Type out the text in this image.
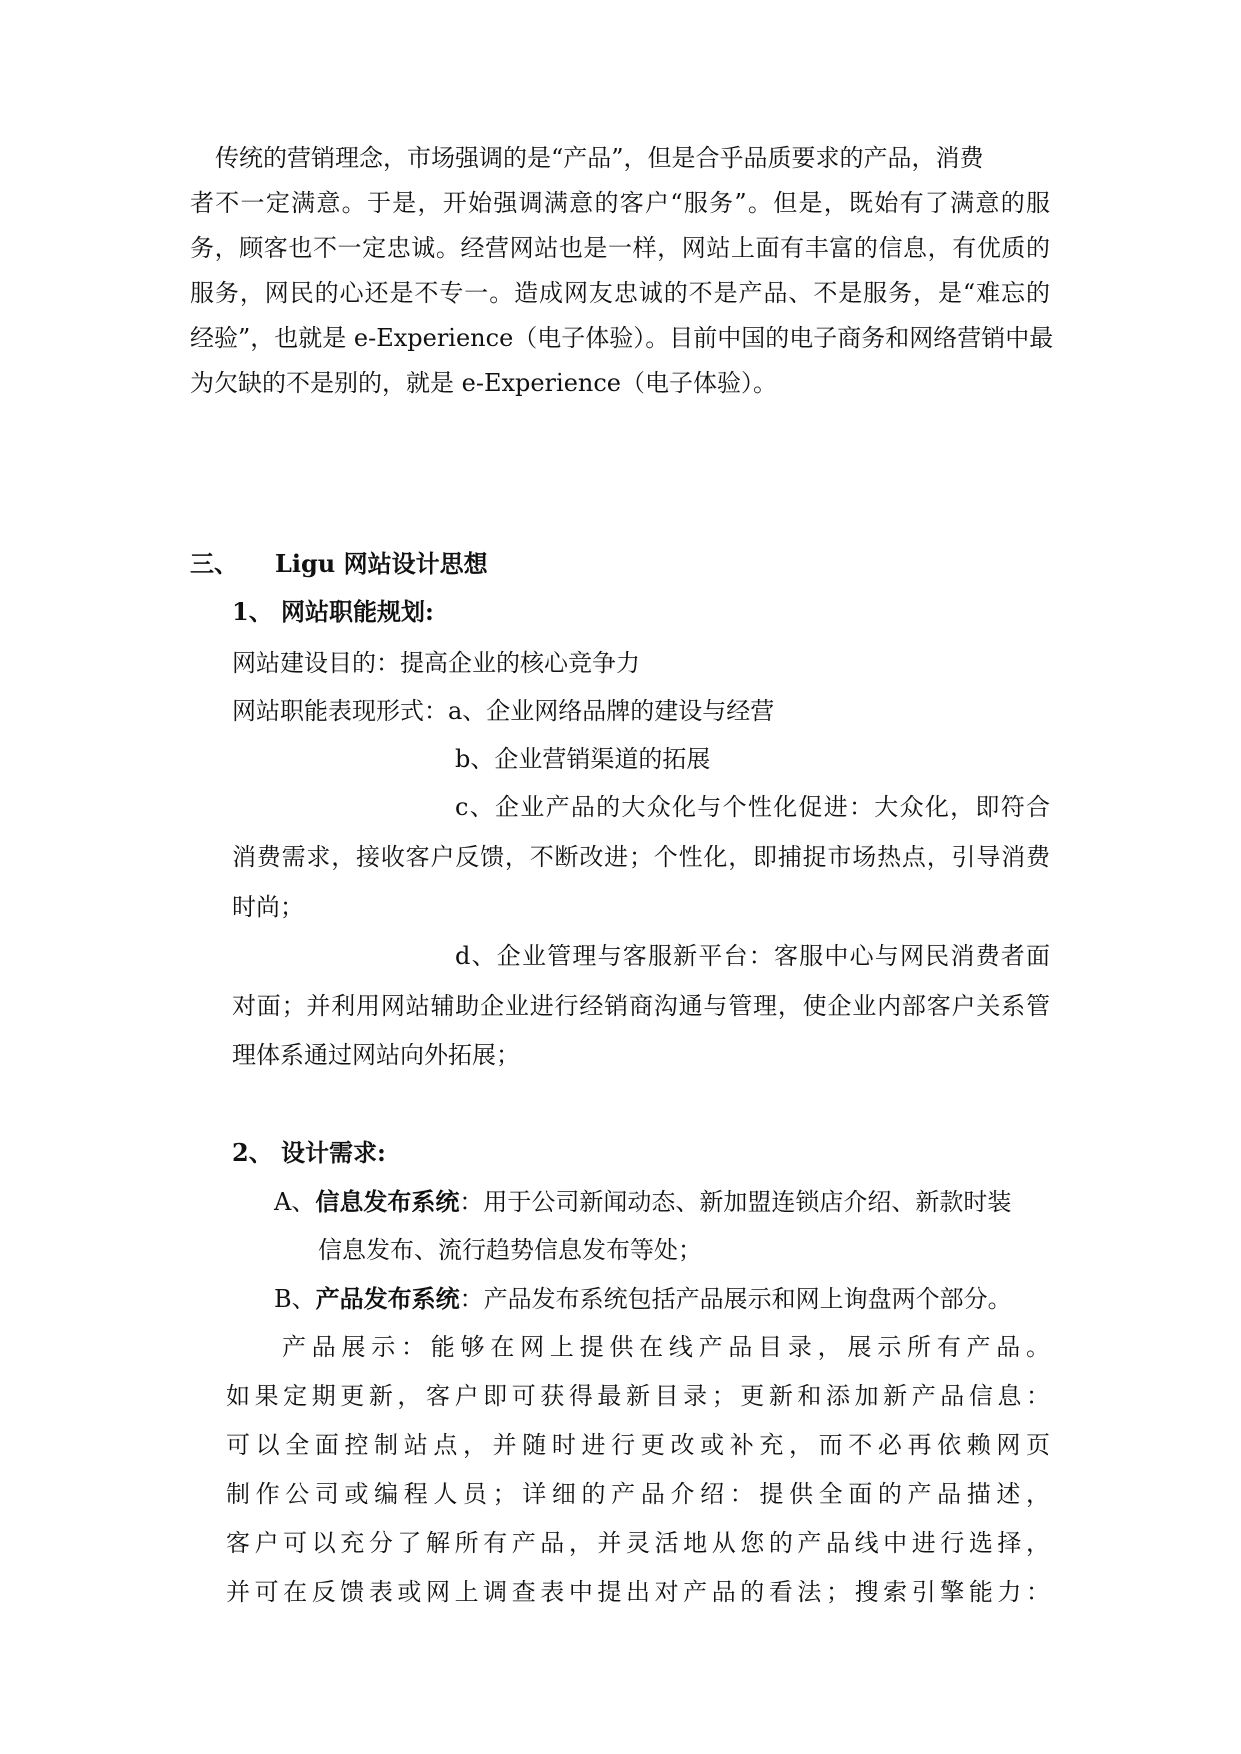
传统的营销理念，市场强调的是“产品”，但是合乎品质要求的产品，消费
者不一定满意。于是，开始强调满意的客户“服务”。但是，既始有了满意的服
务，顾客也不一定忠诚。经营网站也是一样，网站上面有丰富的信息，有优质的
服务，网民的心还是不专一。造成网友忠诚的不是产品、不是服务，是“难忘的
经验”，也就是 e-Experience（电子体验）。目前中国的电子商务和网络营销中最
为欠缺的不是别的，就是 e-Experience（电子体验）。
三、 Ligu 网站设计思想
1、 网站职能规划:
网站建设目的：提高企业的核心竞争力
网站职能表现形式： a、企业网络品牌的建设与经营
b、企业营销渠道的拓展
c、企业产品的大众化与个性化促进：大众化，即符合
消费需求，接收客户反馈，不断改进；个性化，即捕捉市场热点，引导消费
时尚；
d、企业管理与客服新平台：客服中心与网民消费者面
对面；并利用网站辅助企业进行经销商沟通与管理，使企业内部客户关系管
理体系通过网站向外拓展；
2、 设计需求:
A、信息发布系统：用于公司新闻动态、新加盟连锁店介绍、新款时装
信息发布、流行趋势信息发布等处；
B、产品发布系统：产品发布系统包括产品展示和网上询盘两个部分。
产品展示：能够在网上提供在线产品目录，展示所有产品。
如果定期更新，客户即可获得最新目录；更新和添加新产品信息：
可以全面控制站点，并随时进行更改或补充，而不必再依赖网页
制作公司或编程人员；详细的产品介绍：提供全面的产品描述，
客户可以充分了解所有产品，并灵活地从您的产品线中进行选择，
并可在反馈表或网上调查表中提出对产品的看法；搜索引擎能力：
